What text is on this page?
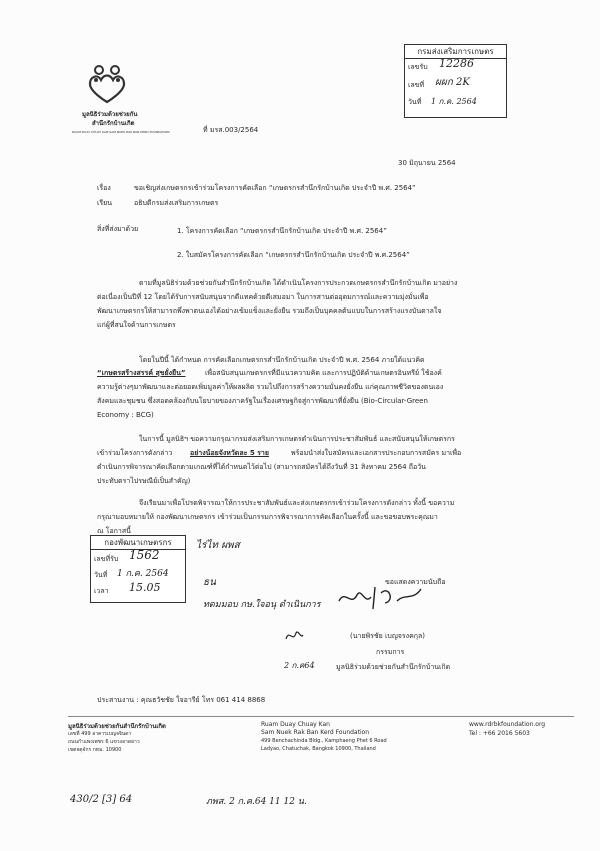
มูลนิธิร่วมด้วยช่วยกัน
สำนึกรักบ้านเกิด
RUAM DUAY CHUAY KAN SAM NUEK RAK BAN KERD FOUNDATION	ที่ มรส.003/2564
กรมส่งเสริมการเกษตร
เลขรับ 12286
เลขที่ ผผก 2K
วันที่ 1 ก.ค. 2564
30 มิถุนายน 2564
เรื่อง	ขอเชิญส่งเกษตรกรเข้าร่วมโครงการคัดเลือก “เกษตรกรสำนึกรักบ้านเกิด ประจำปี พ.ศ. 2564”
เรียน	อธิบดีกรมส่งเสริมการเกษตร
สิ่งที่ส่งมาด้วย	1. โครงการคัดเลือก “เกษตรกรสำนึกรักบ้านเกิด ประจำปี พ.ศ. 2564”
2. ใบสมัครโครงการคัดเลือก “เกษตรกรสำนึกรักบ้านเกิด ประจำปี พ.ศ.2564”
ตามที่มูลนิธิร่วมด้วยช่วยกันสำนึกรักบ้านเกิด ได้ดำเนินโครงการประกวดเกษตรกรสำนึกรักบ้านเกิด มาอย่าง
ต่อเนื่องเป็นปีที่ 12 โดยได้รับการสนับสนุนจากดีแทคด้วยดีเสมอมา ในการสานต่ออุดมการณ์และความมุ่งมั่นเพื่อ
พัฒนาเกษตรกรให้สามารถพึ่งพาตนเองได้อย่างเข้มแข็งและยั่งยืน รวมถึงเป็นบุคคลต้นแบบในการสร้างแรงบันดาลใจ
แก่ผู้ที่สนใจด้านการเกษตร
โดยในปีนี้ ได้กำหนด การคัดเลือกเกษตรกรสำนึกรักบ้านเกิด ประจำปี พ.ศ. 2564 ภายใต้แนวคิด
“เกษตรสร้างสรรค์ สุขยั่งยืน”	เพื่อสนับสนุนเกษตรกรที่มีแนวความคิด และการปฏิบัติด้านเกษตรอินทรีย์ ใช้องค์
ความรู้ต่างๆมาพัฒนาและต่อยอดเพิ่มมูลค่าให้ผลผลิต รวมไปถึงการสร้างความมั่นคงยั่งยืน แก่คุณภาพชีวิตของตนเอง
สังคมและชุมชน ซึ่งสอดคล้องกับนโยบายของภาครัฐในเรื่องเศรษฐกิจสู่การพัฒนาที่ยั่งยืน (Bio-Circular-Green
Economy : BCG)
ในการนี้ มูลนิธิฯ ขอความกรุณากรมส่งเสริมการเกษตรดำเนินการประชาสัมพันธ์ และสนับสนุนให้เกษตรกร
เข้าร่วมโครงการดังกล่าว	อย่างน้อยจังหวัดละ 5 ราย	พร้อมนำส่งใบสมัครและเอกสารประกอบการสมัคร มาเพื่อ
ดำเนินการพิจารณาคัดเลือกตามเกณฑ์ที่ได้กำหนดไว้ต่อไป (สามารถสมัครได้ถึงวันที่ 31 สิงหาคม 2564 ถือวัน
ประทับตราไปรษณีย์เป็นสำคัญ)
จึงเรียนมาเพื่อโปรดพิจารณาให้การประชาสัมพันธ์และส่งเกษตรกรเข้าร่วมโครงการดังกล่าว ทั้งนี้ ขอความ
กรุณามอบหมายให้ กองพัฒนาเกษตรกร เข้าร่วมเป็นกรรมการพิจารณาการคัดเลือกในครั้งนี้ และขอขอบพระคุณมา
ณ โอกาสนี้
กองพัฒนาเกษตรกร
เลขที่รับ 1562
วันที่ 1 ก.ค. 2564
เวลา 15.05
ไร่ไท ผพส
ธน
ทดมมอบ กษ.ใจอนุ ดำเนินการ
ขอแสดงความนับถือ
(นายพิรชัย เบญจรงคกุล)
กรรมการ
2 ก.ค64	มูลนิธิร่วมด้วยช่วยกันสำนึกรักบ้านเกิด
ประสานงาน : คุณธวัชชัย ใจอารีย์ โทร 061 414 8868
มูลนิธิร่วมด้วยช่วยกันสำนึกรักบ้านเกิด
เลขที่ 499 อาคารเบญจจินดา
ถนนกำแพงเพชร 6 แขวงลาดยาว
เขตจตุจักร กทม. 10900
Ruam Duay Chuay Kan
Sam Nuek Rak Ban Kerd Foundation
499 Benchachinda Bldg., Kamphaeng Phet 6 Road
Ladyao, Chatuchak, Bangkok 10900, Thailand
www.rdrbkfoundation.org
Tel : +66 2016 5603
430/2 [3] 64	ภพส. 2 ก.ค.64 11 12 น.
